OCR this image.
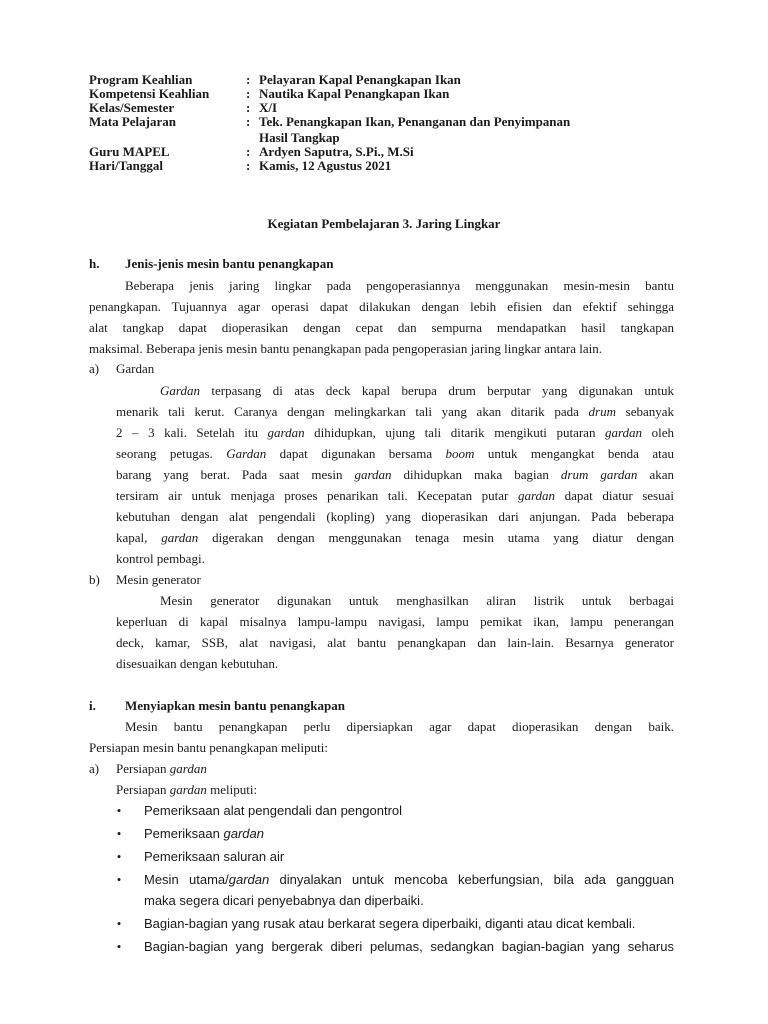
Program Keahlian	: Pelayaran Kapal Penangkapan Ikan
Kompetensi Keahlian	: Nautika Kapal Penangkapan Ikan
Kelas/Semester	: X/I
Mata Pelajaran	: Tek. Penangkapan Ikan, Penanganan dan Penyimpanan
Hasil Tangkap
Guru MAPEL	: Ardyen Saputra, S.Pi., M.Si
Hari/Tanggal	: Kamis, 12 Agustus 2021
Kegiatan Pembelajaran 3. Jaring Lingkar
h. Jenis-jenis mesin bantu penangkapan
Beberapa jenis jaring lingkar pada pengoperasiannya menggunakan mesin-mesin bantu
penangkapan. Tujuannya agar operasi dapat dilakukan dengan lebih efisien dan efektif sehingga
alat tangkap dapat dioperasikan dengan cepat dan sempurna mendapatkan hasil tangkapan
maksimal. Beberapa jenis mesin bantu penangkapan pada pengoperasian jaring lingkar antara lain.
a) Gardan
Gardan terpasang di atas deck kapal berupa drum berputar yang digunakan untuk
menarik tali kerut. Caranya dengan melingkarkan tali yang akan ditarik pada drum sebanyak
2 – 3 kali. Setelah itu gardan dihidupkan, ujung tali ditarik mengikuti putaran gardan oleh
seorang petugas. Gardan dapat digunakan bersama boom untuk mengangkat benda atau
barang yang berat. Pada saat mesin gardan dihidupkan maka bagian drum gardan akan
tersiram air untuk menjaga proses penarikan tali. Kecepatan putar gardan dapat diatur sesuai
kebutuhan dengan alat pengendali (kopling) yang dioperasikan dari anjungan. Pada beberapa
kapal, gardan digerakan dengan menggunakan tenaga mesin utama yang diatur dengan
kontrol pembagi.
b) Mesin generator
Mesin generator digunakan untuk menghasilkan aliran listrik untuk berbagai
keperluan di kapal misalnya lampu-lampu navigasi, lampu pemikat ikan, lampu penerangan
deck, kamar, SSB, alat navigasi, alat bantu penangkapan dan lain-lain. Besarnya generator
disesuaikan dengan kebutuhan.
i. Menyiapkan mesin bantu penangkapan
Mesin bantu penangkapan perlu dipersiapkan agar dapat dioperasikan dengan baik.
Persiapan mesin bantu penangkapan meliputi:
a) Persiapan gardan
Persiapan gardan meliputi:
• Pemeriksaan alat pengendali dan pengontrol
• Pemeriksaan gardan
• Pemeriksaan saluran air
• Mesin utama/gardan dinyalakan untuk mencoba keberfungsian, bila ada gangguan
maka segera dicari penyebabnya dan diperbaiki.
• Bagian-bagian yang rusak atau berkarat segera diperbaiki, diganti atau dicat kembali.
• Bagian-bagian yang bergerak diberi pelumas, sedangkan bagian-bagian yang seharus
